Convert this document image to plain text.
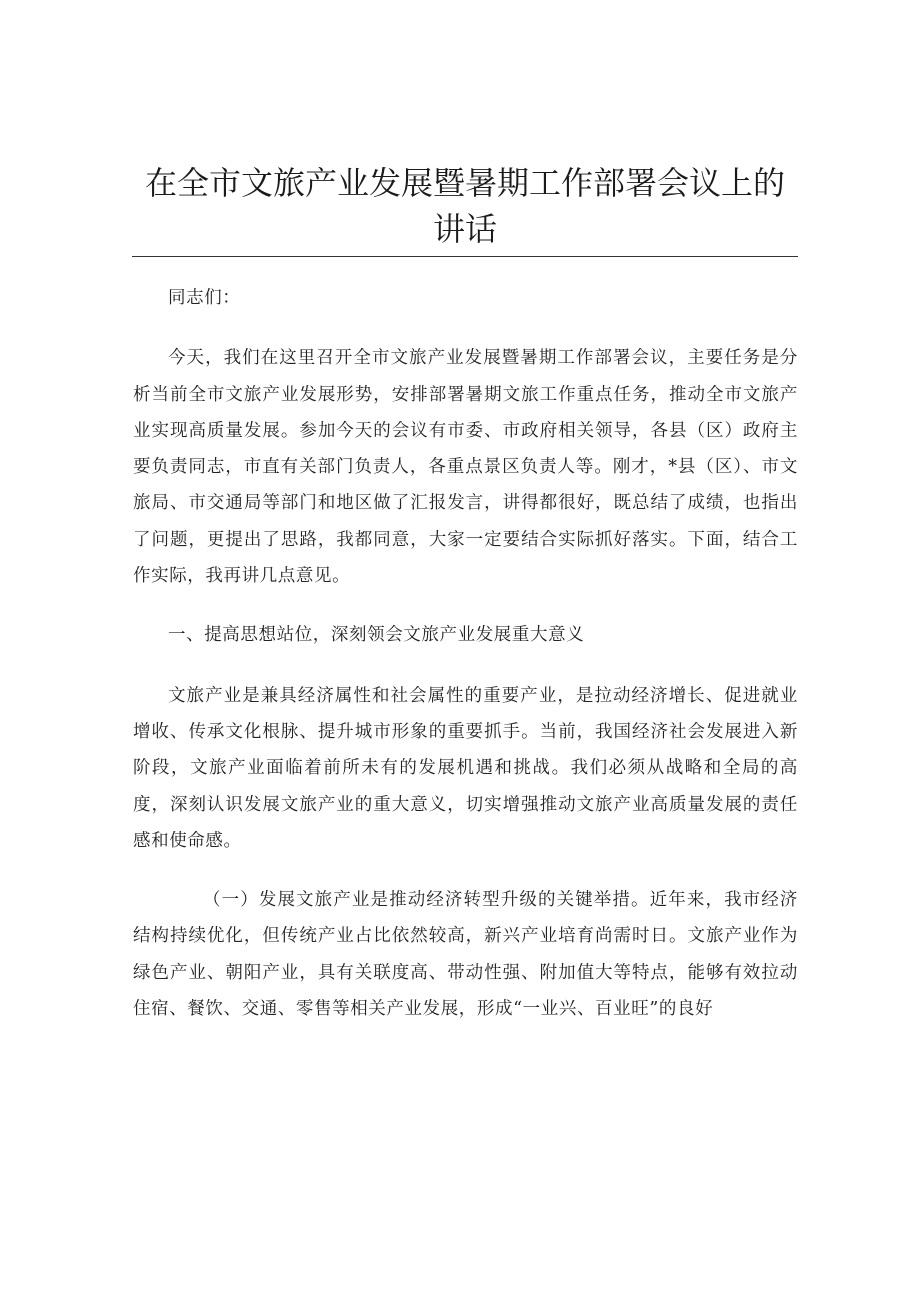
在全市文旅产业发展暨暑期工作部署会议上的讲话

同志们：

今天，我们在这里召开全市文旅产业发展暨暑期工作部署会议，主要任务是分析当前全市文旅产业发展形势，安排部署暑期文旅工作重点任务，推动全市文旅产业实现高质量发展。参加今天的会议有市委、市政府相关领导，各县（区）政府主要负责同志，市直有关部门负责人，各重点景区负责人等。刚才，*县（区）、市文旅局、市交通局等部门和地区做了汇报发言，讲得都很好，既总结了成绩，也指出了问题，更提出了思路，我都同意，大家一定要结合实际抓好落实。下面，结合工作实际，我再讲几点意见。

一、提高思想站位，深刻领会文旅产业发展重大意义

文旅产业是兼具经济属性和社会属性的重要产业，是拉动经济增长、促进就业增收、传承文化根脉、提升城市形象的重要抓手。当前，我国经济社会发展进入新阶段，文旅产业面临着前所未有的发展机遇和挑战。我们必须从战略和全局的高度，深刻认识发展文旅产业的重大意义，切实增强推动文旅产业高质量发展的责任感和使命感。

（一）发展文旅产业是推动经济转型升级的关键举措。近年来，我市经济结构持续优化，但传统产业占比依然较高，新兴产业培育尚需时日。文旅产业作为绿色产业、朝阳产业，具有关联度高、带动性强、附加值大等特点，能够有效拉动住宿、餐饮、交通、零售等相关产业发展，形成“一业兴、百业旺”的良好
